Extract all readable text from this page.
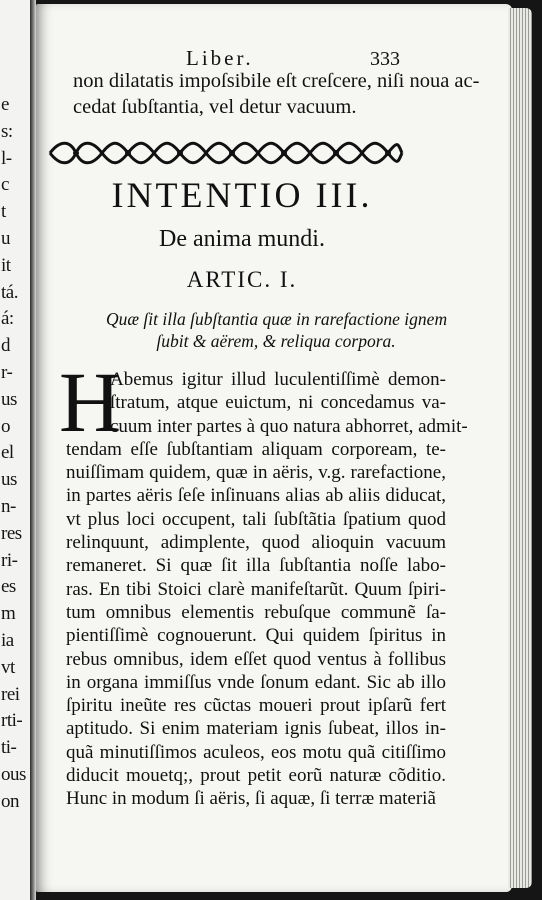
e
s:
l-
c
t
u
it
tá.
á:
d
r-
us
o
el
us
n-
res
ri-
es
m
ia
vt
rei
rti-
ti-
ous
on
Liber.	333
non dilatatis impoſsibile eſt creſcere, niſi noua ac-
cedat ſubſtantia, vel detur vacuum.
INTENTIO III.
De anima mundi.
ARTIC. I.
Quæ ſit illa ſubſtantia quæ in rarefactione ignem
ſubit & aërem, & reliqua corpora.
H
Abemus igitur illud luculentiſſimè demon-
ſtratum, atque euictum, ni concedamus va-
cuum inter partes à quo natura abhorret, admit-
tendam eſſe ſubſtantiam aliquam corpoream, te-
nuiſſimam quidem, quæ in aëris, v.g. rarefactione,
in partes aëris ſeſe inſinuans alias ab aliis diducat,
vt plus loci occupent, tali ſubſtãtia ſpatium quod
relinquunt, adimplente, quod alioquin vacuum
remaneret. Si quæ ſit illa ſubſtantia noſſe labo-
ras. En tibi Stoici clarè manifeſtarũt. Quum ſpiri-
tum omnibus elementis rebuſque communẽ ſa-
pientiſſimè cognouerunt. Qui quidem ſpiritus in
rebus omnibus, idem eſſet quod ventus à follibus
in organa immiſſus vnde ſonum edant. Sic ab illo
ſpiritu ineũte res cũctas moueri prout ipſarũ fert
aptitudo. Si enim materiam ignis ſubeat, illos in-
quã minutiſſimos aculeos, eos motu quã citiſſimo
diducit mouetq;, prout petit eorũ naturæ cõditio.
Hunc in modum ſi aëris, ſi aquæ, ſi terræ materiã
